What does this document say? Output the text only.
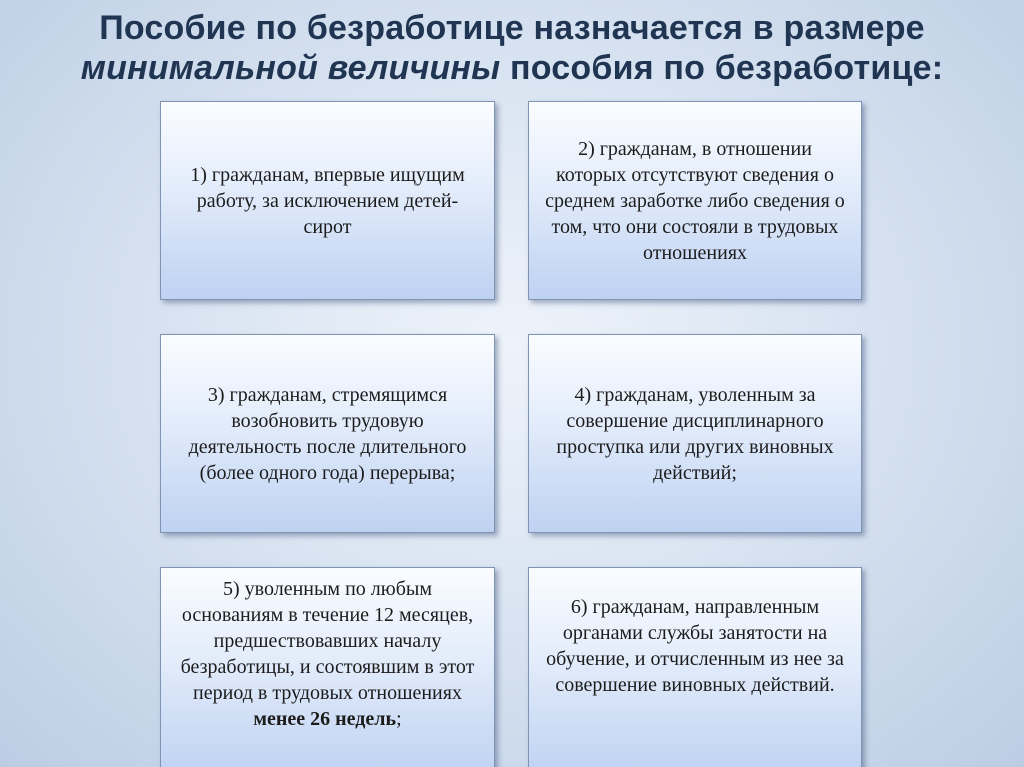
Пособие по безработице назначается в размере
минимальной величины пособия по безработице:
1) гражданам, впервые ищущим работу, за исключением детей-сирот
2) гражданам, в отношении которых отсутствуют сведения о среднем заработке либо сведения о том, что они состояли в трудовых отношениях
3) гражданам, стремящимся возобновить трудовую деятельность после длительного (более одного года) перерыва;
4) гражданам, уволенным за совершение дисциплинарного проступка или других виновных действий;
5) уволенным по любым основаниям в течение 12 месяцев, предшествовавших началу безработицы, и состоявшим в этот период в трудовых отношениях менее 26 недель;
6) гражданам, направленным органами службы занятости на обучение, и отчисленным из нее за совершение виновных действий.
